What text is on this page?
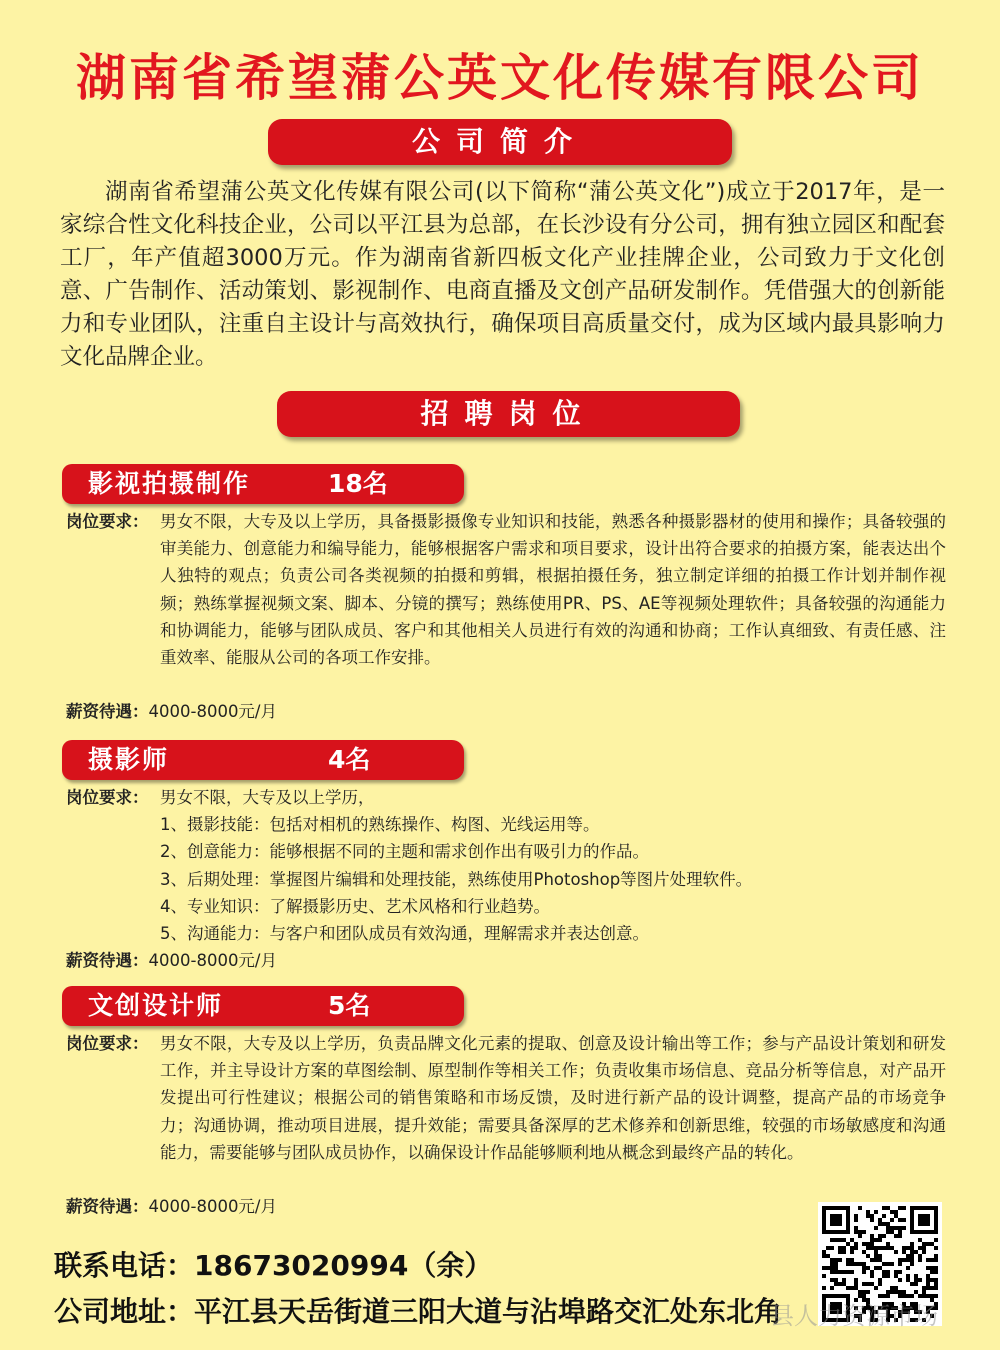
湖南省希望蒲公英文化传媒有限公司
公司简介
湖南省希望蒲公英文化传媒有限公司(以下简称“蒲公英文化”)成立于2017年，是一家综合性文化科技企业，公司以平江县为总部，在长沙设有分公司，拥有独立园区和配套工厂，年产值超3000万元。作为湖南省新四板文化产业挂牌企业，公司致力于文化创意、广告制作、活动策划、影视制作、电商直播及文创产品研发制作。凭借强大的创新能力和专业团队，注重自主设计与高效执行，确保项目高质量交付，成为区域内最具影响力文化品牌企业。
招聘岗位
影视拍摄制作	18名
岗位要求： 男女不限，大专及以上学历，具备摄影摄像专业知识和技能，熟悉各种摄影器材的使用和操作；具备较强的审美能力、创意能力和编导能力，能够根据客户需求和项目要求，设计出符合要求的拍摄方案，能表达出个人独特的观点；负责公司各类视频的拍摄和剪辑，根据拍摄任务，独立制定详细的拍摄工作计划并制作视频；熟练掌握视频文案、脚本、分镜的撰写；熟练使用PR、PS、AE等视频处理软件；具备较强的沟通能力和协调能力，能够与团队成员、客户和其他相关人员进行有效的沟通和协商；工作认真细致、有责任感、注重效率、能服从公司的各项工作安排。
薪资待遇：4000-8000元/月
摄影师	4名
岗位要求： 男女不限，大专及以上学历，
1、摄影技能：包括对相机的熟练操作、构图、光线运用等。
2、创意能力：能够根据不同的主题和需求创作出有吸引力的作品。
3、后期处理：掌握图片编辑和处理技能，熟练使用Photoshop等图片处理软件。
4、专业知识：了解摄影历史、艺术风格和行业趋势。
5、沟通能力：与客户和团队成员有效沟通，理解需求并表达创意。
薪资待遇：4000-8000元/月
文创设计师	5名
岗位要求： 男女不限，大专及以上学历，负责品牌文化元素的提取、创意及设计输出等工作；参与产品设计策划和研发工作，并主导设计方案的草图绘制、原型制作等相关工作；负责收集市场信息、竞品分析等信息，对产品开发提出可行性建议；根据公司的销售策略和市场反馈，及时进行新产品的设计调整，提高产品的市场竞争力；沟通协调，推动项目进展，提升效能；需要具备深厚的艺术修养和创新思维，较强的市场敏感度和沟通能力，需要能够与团队成员协作，以确保设计作品能够顺利地从概念到最终产品的转化。
薪资待遇：4000-8000元/月
联系电话：18673020994（余）
公司地址：平江县天岳街道三阳大道与沾埠路交汇处东北角
县人力资源市场
